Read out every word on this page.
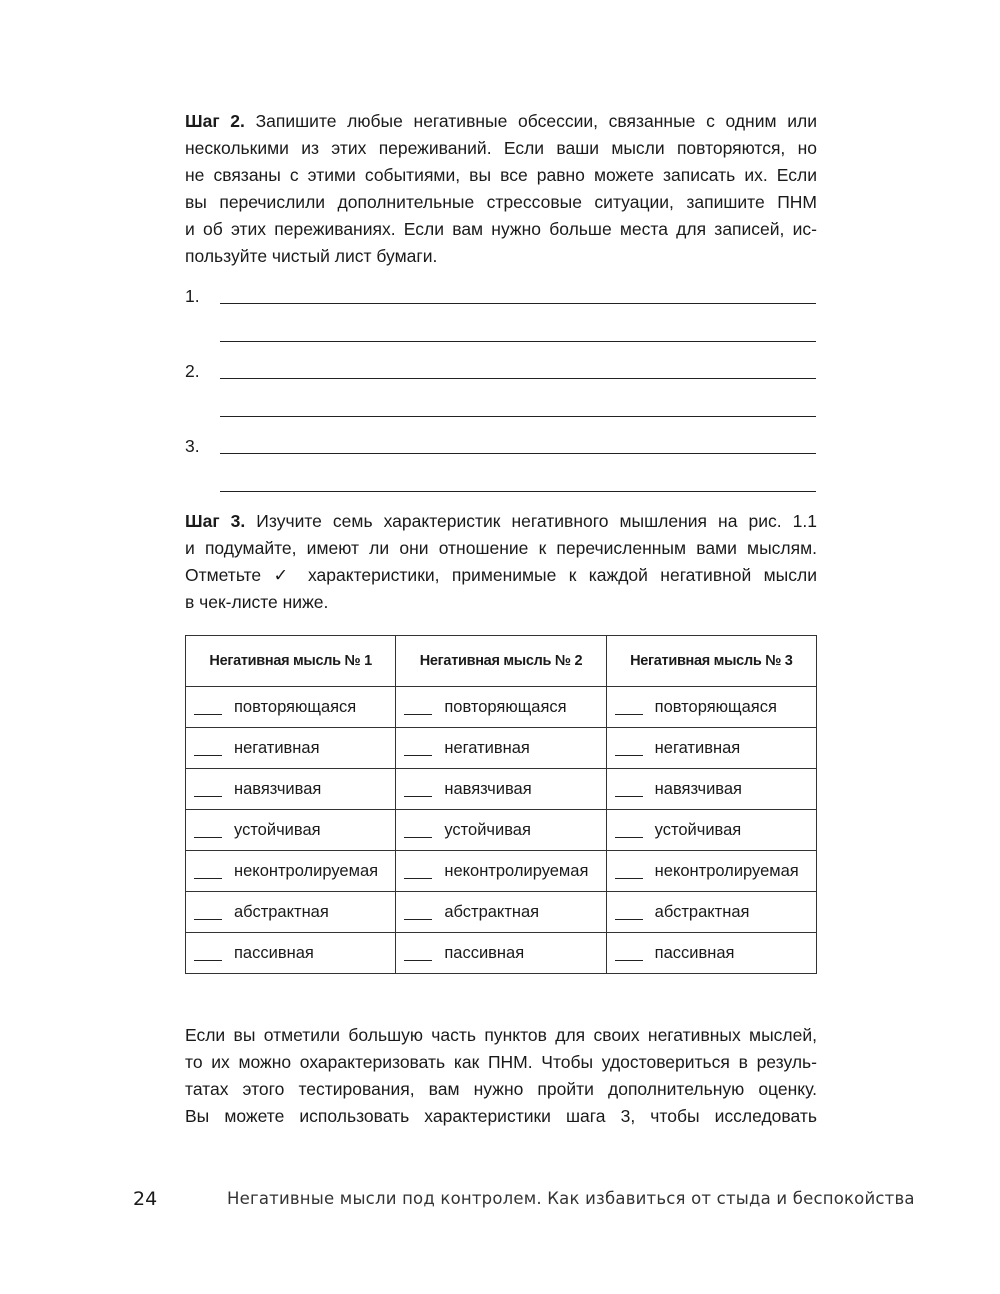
Шаг 2. Запишите любые негативные обсессии, связанные с одним или
несколькими из этих переживаний. Если ваши мысли повторяются, но
не связаны с этими событиями, вы все равно можете записать их. Если
вы перечислили дополнительные стрессовые ситуации, запишите ПНМ
и об этих переживаниях. Если вам нужно больше места для записей, ис-
пользуйте чистый лист бумаги.
1.
2.
3.
Шаг 3. Изучите семь характеристик негативного мышления на рис. 1.1
и подумайте, имеют ли они отношение к перечисленным вами мыслям.
Отметьте ✓ характеристики, применимые к каждой негативной мысли
в чек-листе ниже.
Негативная мысль № 1	Негативная мысль № 2	Негативная мысль № 3
повторяющаяся	повторяющаяся	повторяющаяся
негативная	негативная	негативная
навязчивая	навязчивая	навязчивая
устойчивая	устойчивая	устойчивая
неконтролируемая	неконтролируемая	неконтролируемая
абстрактная	абстрактная	абстрактная
пассивная	пассивная	пассивная
Если вы отметили большую часть пунктов для своих негативных мыслей,
то их можно охарактеризовать как ПНМ. Чтобы удостовериться в резуль-
татах этого тестирования, вам нужно пройти дополнительную оценку.
Вы можете использовать характеристики шага 3, чтобы исследовать
24	Негативные мысли под контролем. Как избавиться от стыда и беспокойства
